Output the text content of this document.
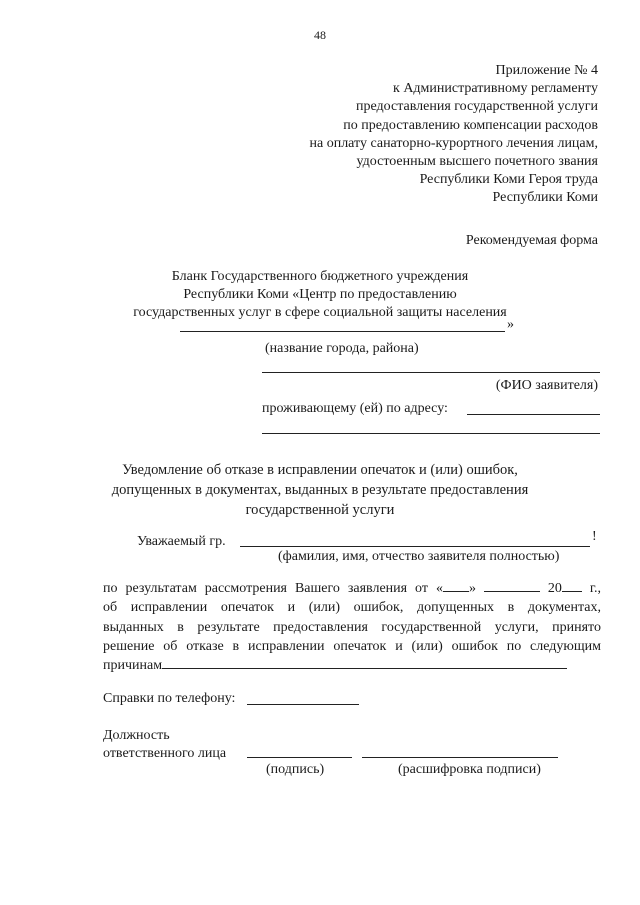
48
Приложение № 4
к Административному регламенту
предоставления государственной услуги
по предоставлению компенсации расходов
на оплату санаторно-курортного лечения лицам,
удостоенным высшего почетного звания
Республики Коми Героя труда
Республики Коми
Рекомендуемая форма
Бланк Государственного бюджетного учреждения
Республики Коми «Центр по предоставлению
государственных услуг в сфере социальной защиты населения
»
(название города, района)
(ФИО заявителя)
проживающему (ей) по адресу:
Уведомление об отказе в исправлении опечаток и (или) ошибок,
допущенных в документах, выданных в результате предоставления
государственной услуги
Уважаемый гр.	!
(фамилия, имя, отчество заявителя полностью)

по результатам рассмотрения Вашего заявления от « »	20 г.,

об исправлении опечаток и (или) ошибок, допущенных в документах,

выданных в результате предоставления государственной услуги, принято

решение об отказе в исправлении опечаток и (или) ошибок по следующим

причинам

Справки по телефону:
Должность
ответственного лица
(подпись)	(расшифровка подписи)
